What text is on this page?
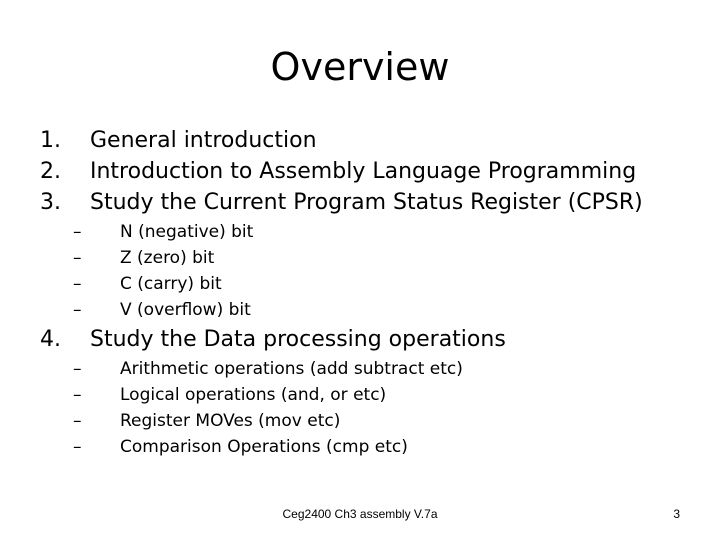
Overview
1. General introduction
2. Introduction to Assembly Language Programming
3. Study the Current Program Status Register (CPSR)
– N (negative) bit
– Z (zero) bit
– C (carry) bit
– V (overflow) bit
4. Study the Data processing operations
– Arithmetic operations (add subtract etc)
– Logical operations (and, or etc)
– Register MOVes (mov etc)
– Comparison Operations (cmp etc)
Ceg2400 Ch3 assembly V.7a	3
